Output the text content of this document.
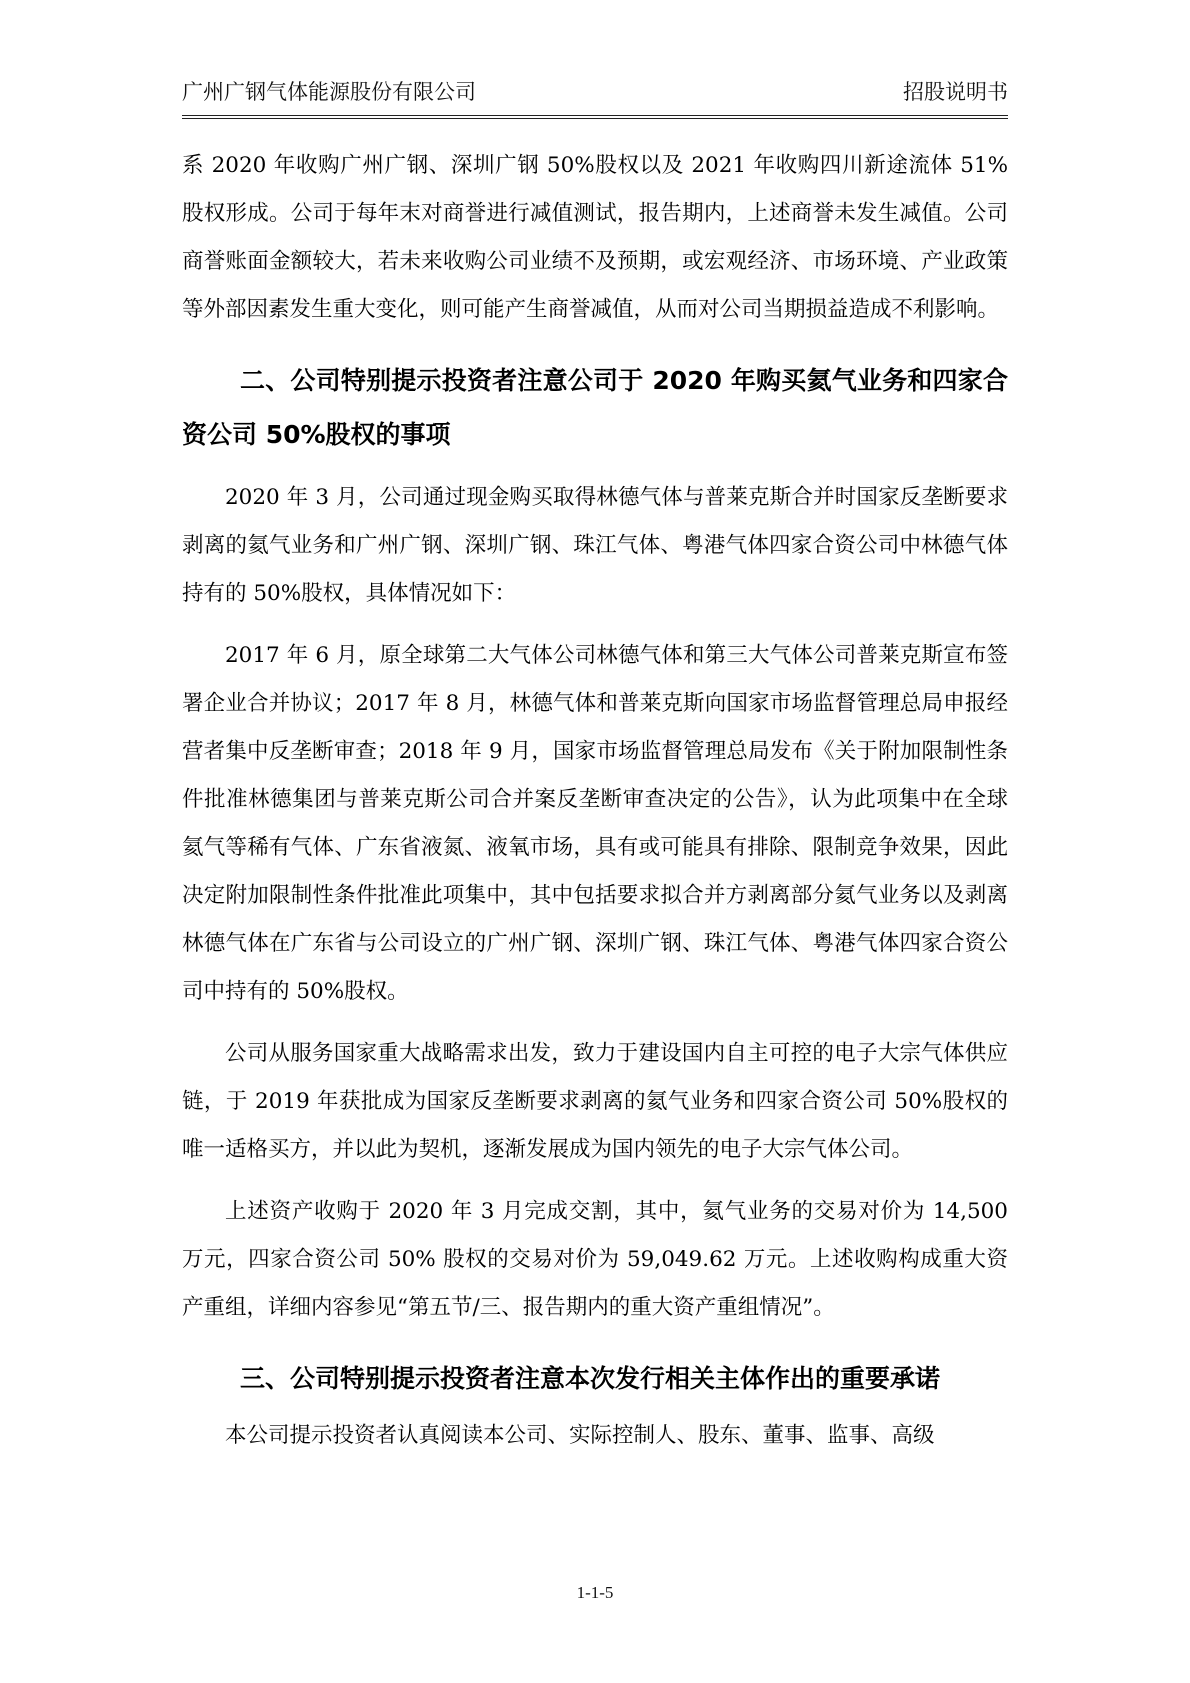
广州广钢气体能源股份有限公司	招股说明书

系 2020 年收购广州广钢、深圳广钢 50%股权以及 2021 年收购四川新途流体 51%股权形成。公司于每年末对商誉进行减值测试，报告期内，上述商誉未发生减值。公司商誉账面金额较大，若未来收购公司业绩不及预期，或宏观经济、市场环境、产业政策等外部因素发生重大变化，则可能产生商誉减值，从而对公司当期损益造成不利影响。

二、公司特别提示投资者注意公司于 2020 年购买氦气业务和四家合资公司 50%股权的事项

2020 年 3 月，公司通过现金购买取得林德气体与普莱克斯合并时国家反垄断要求剥离的氦气业务和广州广钢、深圳广钢、珠江气体、粤港气体四家合资公司中林德气体持有的 50%股权，具体情况如下：

2017 年 6 月，原全球第二大气体公司林德气体和第三大气体公司普莱克斯宣布签署企业合并协议；2017 年 8 月，林德气体和普莱克斯向国家市场监督管理总局申报经营者集中反垄断审查；2018 年 9 月，国家市场监督管理总局发布《关于附加限制性条件批准林德集团与普莱克斯公司合并案反垄断审查决定的公告》，认为此项集中在全球氦气等稀有气体、广东省液氮、液氧市场，具有或可能具有排除、限制竞争效果，因此决定附加限制性条件批准此项集中，其中包括要求拟合并方剥离部分氦气业务以及剥离林德气体在广东省与公司设立的广州广钢、深圳广钢、珠江气体、粤港气体四家合资公司中持有的 50%股权。

公司从服务国家重大战略需求出发，致力于建设国内自主可控的电子大宗气体供应链，于 2019 年获批成为国家反垄断要求剥离的氦气业务和四家合资公司 50%股权的唯一适格买方，并以此为契机，逐渐发展成为国内领先的电子大宗气体公司。

上述资产收购于 2020 年 3 月完成交割，其中，氦气业务的交易对价为 14,500 万元，四家合资公司 50% 股权的交易对价为 59,049.62 万元。上述收购构成重大资产重组，详细内容参见“第五节/三、报告期内的重大资产重组情况”。

三、公司特别提示投资者注意本次发行相关主体作出的重要承诺

本公司提示投资者认真阅读本公司、实际控制人、股东、董事、监事、高级

1-1-5
